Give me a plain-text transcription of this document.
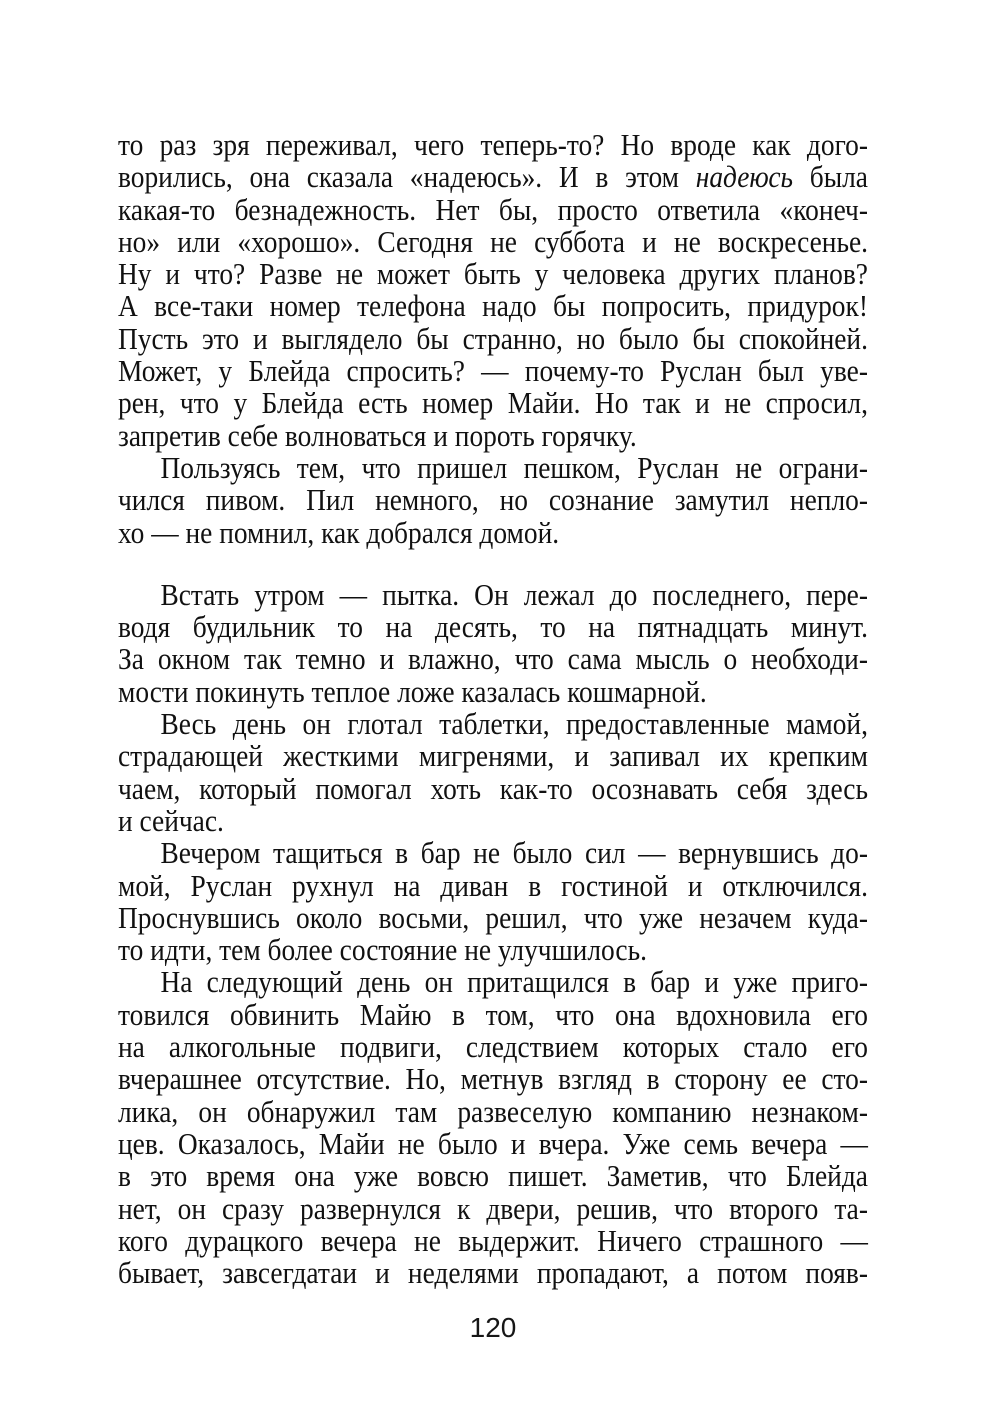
то раз зря переживал, чего теперь-то? Но вроде как дого-
ворились, она сказала «надеюсь». И в этом надеюсь была
какая-то безнадежность. Нет бы, просто ответила «конеч-
но» или «хорошо». Сегодня не суббота и не воскресенье.
Ну и что? Разве не может быть у человека других планов?
А все-таки номер телефона надо бы попросить, придурок!
Пусть это и выглядело бы странно, но было бы спокойней.
Может, у Блейда спросить? — почему-то Руслан был уве-
рен, что у Блейда есть номер Майи. Но так и не спросил,
запретив себе волноваться и пороть горячку.
Пользуясь тем, что пришел пешком, Руслан не ограни-
чился пивом. Пил немного, но сознание замутил непло-
хо — не помнил, как добрался домой.
Встать утром — пытка. Он лежал до последнего, пере-
водя будильник то на десять, то на пятнадцать минут.
За окном так темно и влажно, что сама мысль о необходи-
мости покинуть теплое ложе казалась кошмарной.
Весь день он глотал таблетки, предоставленные мамой,
страдающей жесткими мигренями, и запивал их крепким
чаем, который помогал хоть как-то осознавать себя здесь
и сейчас.
Вечером тащиться в бар не было сил — вернувшись до-
мой, Руслан рухнул на диван в гостиной и отключился.
Проснувшись около восьми, решил, что уже незачем куда-
то идти, тем более состояние не улучшилось.
На следующий день он притащился в бар и уже приго-
товился обвинить Майю в том, что она вдохновила его
на алкогольные подвиги, следствием которых стало его
вчерашнее отсутствие. Но, метнув взгляд в сторону ее сто-
лика, он обнаружил там развеселую компанию незнаком-
цев. Оказалось, Майи не было и вчера. Уже семь вечера —
в это время она уже вовсю пишет. Заметив, что Блейда
нет, он сразу развернулся к двери, решив, что второго та-
кого дурацкого вечера не выдержит. Ничего страшного —
бывает, завсегдатаи и неделями пропадают, а потом появ-
120
